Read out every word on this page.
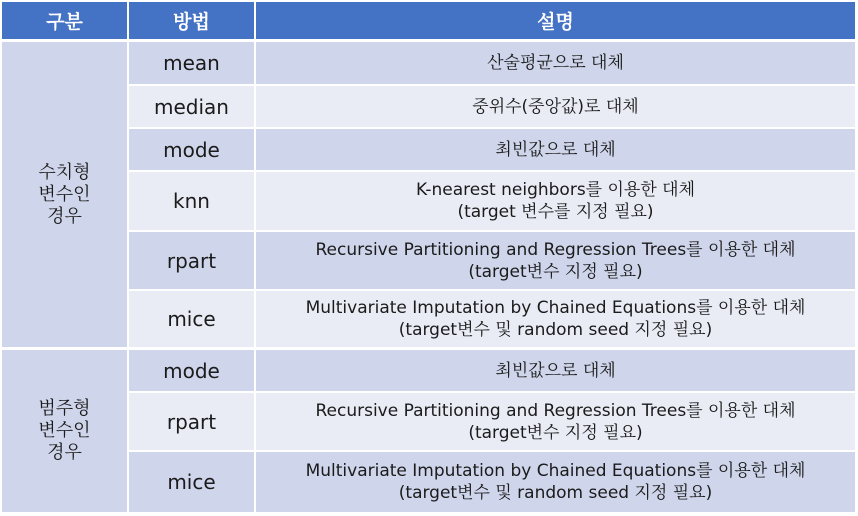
구분	방법	설명
수치형
변수인
경우
mean	산술평균으로 대체
median	중위수(중앙값)로 대체
mode	최빈값으로 대체
knn	K-nearest neighbors를 이용한 대체
(target 변수를 지정 필요)
rpart	Recursive Partitioning and Regression Trees를 이용한 대체
(target변수 지정 필요)
mice	Multivariate Imputation by Chained Equations를 이용한 대체
(target변수 및 random seed 지정 필요)
범주형
변수인
경우
mode	최빈값으로 대체
rpart	Recursive Partitioning and Regression Trees를 이용한 대체
(target변수 지정 필요)
mice	Multivariate Imputation by Chained Equations를 이용한 대체
(target변수 및 random seed 지정 필요)
